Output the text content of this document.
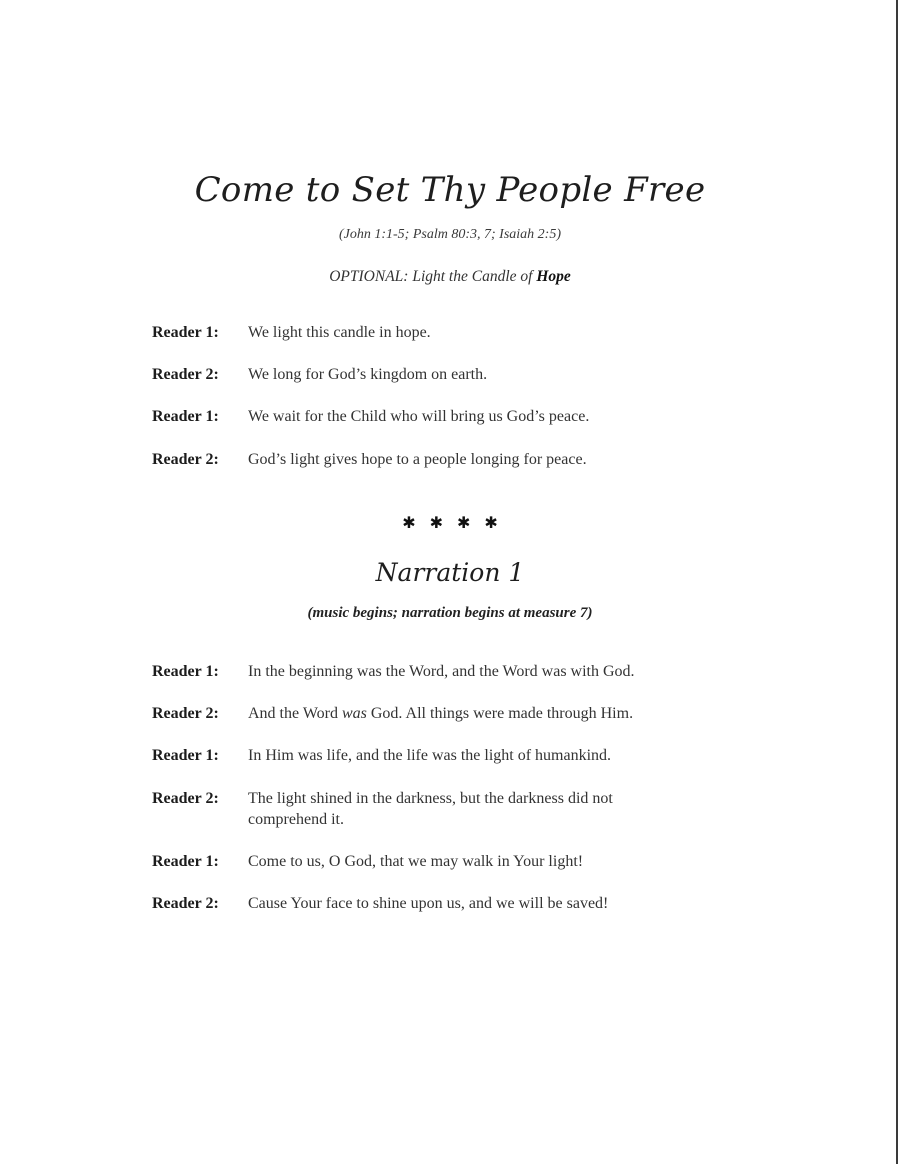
Come to Set Thy People Free
(John 1:1-5; Psalm 80:3, 7; Isaiah 2:5)
OPTIONAL: Light the Candle of Hope
Reader 1:	We light this candle in hope.
Reader 2:	We long for God’s kingdom on earth.
Reader 1:	We wait for the Child who will bring us God’s peace.
Reader 2:	God’s light gives hope to a people longing for peace.
✱✱✱✱
Narration 1
(music begins; narration begins at measure 7)
Reader 1:	In the beginning was the Word, and the Word was with God.
Reader 2:	And the Word was God. All things were made through Him.
Reader 1:	In Him was life, and the life was the light of humankind.
Reader 2:	The light shined in the darkness, but the darkness did not comprehend it.
Reader 1:	Come to us, O God, that we may walk in Your light!
Reader 2:	Cause Your face to shine upon us, and we will be saved!
